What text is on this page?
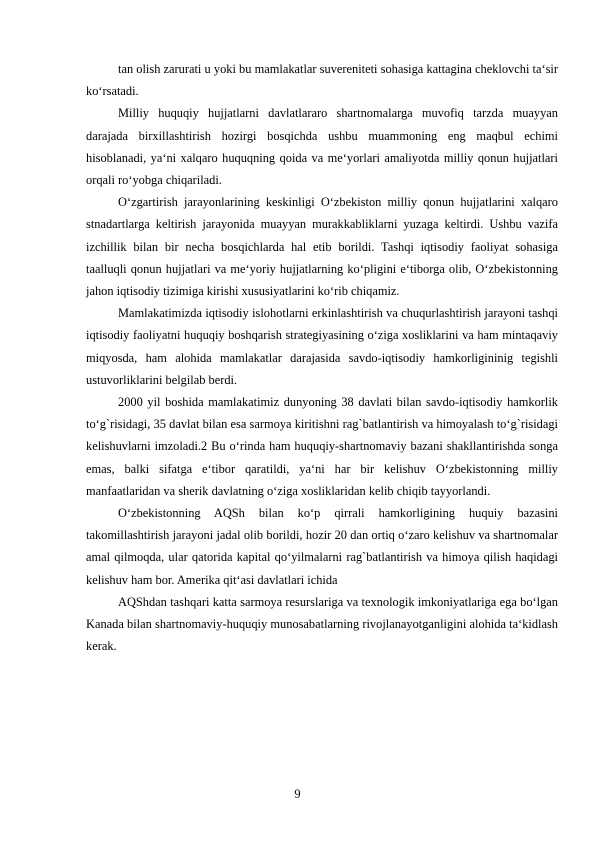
tan olish zarurati u yoki bu mamlakatlar suvereniteti sohasiga kattagina cheklovchi ta‘sir ko‘rsatadi.

Milliy huquqiy hujjatlarni davlatlararo shartnomalarga muvofiq tarzda muayyan darajada birxillashtirish hozirgi bosqichda ushbu muammoning eng maqbul echimi hisoblanadi, ya‘ni xalqaro huquqning qoida va me‘yorlari amaliyotda milliy qonun hujjatlari orqali ro‘yobga chiqariladi.

O‘zgartirish jarayonlarining keskinligi O‘zbekiston milliy qonun hujjatlarini xalqaro stnadartlarga keltirish jarayonida muayyan murakkabliklarni yuzaga keltirdi. Ushbu vazifa izchillik bilan bir necha bosqichlarda hal etib borildi. Tashqi iqtisodiy faoliyat sohasiga taalluqli qonun hujjatlari va me‘yoriy hujjatlarning ko‘pligini e‘tiborga olib, O‘zbekistonning jahon iqtisodiy tizimiga kirishi xususiyatlarini ko‘rib chiqamiz.

Mamlakatimizda iqtisodiy islohotlarni erkinlashtirish va chuqurlashtirish jarayoni tashqi iqtisodiy faoliyatni huquqiy boshqarish strategiyasining o‘ziga xosliklarini va ham mintaqaviy miqyosda, ham alohida mamlakatlar darajasida savdo-iqtisodiy hamkorligininig tegishli ustuvorliklarini belgilab berdi.

2000 yil boshida mamlakatimiz dunyoning 38 davlati bilan savdo-iqtisodiy hamkorlik to‘g`risidagi, 35 davlat bilan esa sarmoya kiritishni rag`batlantirish va himoyalash to‘g`risidagi kelishuvlarni imzoladi.2 Bu o‘rinda ham huquqiy-shartnomaviy bazani shakllantirishda songa emas, balki sifatga e‘tibor qaratildi, ya‘ni har bir kelishuv O‘zbekistonning milliy manfaatlaridan va sherik davlatning o‘ziga xosliklaridan kelib chiqib tayyorlandi.

O‘zbekistonning AQSh bilan ko‘p qirrali hamkorligining huquiy bazasini takomillashtirish jarayoni jadal olib borildi, hozir 20 dan ortiq o‘zaro kelishuv va shartnomalar amal qilmoqda, ular qatorida kapital qo‘yilmalarni rag`batlantirish va himoya qilish haqidagi kelishuv ham bor. Amerika qit‘asi davlatlari ichida

AQShdan tashqari katta sarmoya resurslariga va texnologik imkoniyatlariga ega bo‘lgan Kanada bilan shartnomaviy-huquqiy munosabatlarning rivojlanayotganligini alohida ta‘kidlash kerak.

9
